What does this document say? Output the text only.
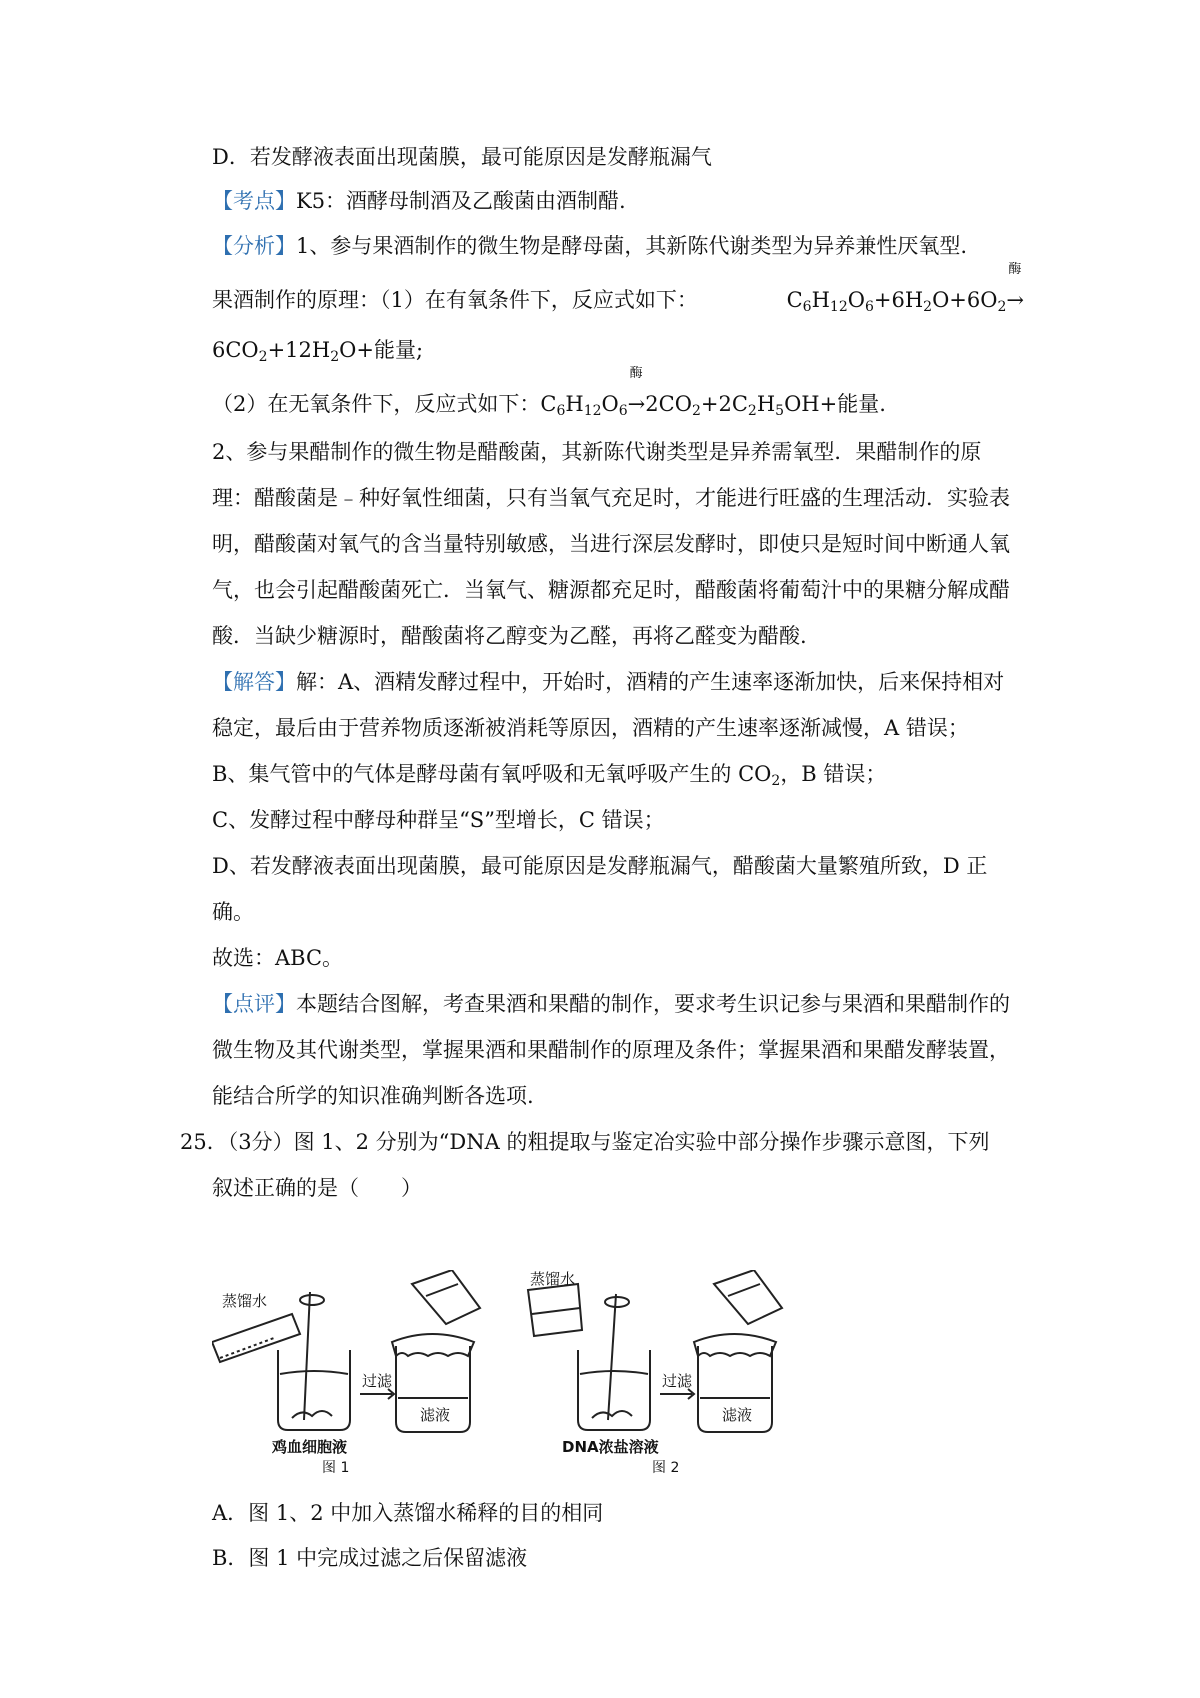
D．若发酵液表面出现菌膜，最可能原因是发酵瓶漏气
【考点】K5：酒酵母制酒及乙酸菌由酒制醋.
【分析】1、参与果酒制作的微生物是酵母菌，其新陈代谢类型为异养兼性厌氧型.
果酒制作的原理：（1）在有氧条件下，反应式如下：	$C_6H_{12}O_6+6H_2O+6O_2$
酶
→
$6CO_2+12H_2O+$能量;
（2）在无氧条件下，反应式如下：$C_6H_{12}O_6$
酶
$\to 2CO_2+2C_2H_5OH+$能量.
2、参与果醋制作的微生物是醋酸菌，其新陈代谢类型是异养需氧型．果醋制作的原
理：醋酸菌是﹣种好氧性细菌，只有当氧气充足时，才能进行旺盛的生理活动．实验表
明，醋酸菌对氧气的含当量特别敏感，当进行深层发酵时，即使只是短时间中断通人氧
气，也会引起醋酸菌死亡．当氧气、糖源都充足时，醋酸菌将葡萄汁中的果糖分解成醋
酸．当缺少糖源时，醋酸菌将乙醇变为乙醛，再将乙醛变为醋酸.
【解答】解：A、酒精发酵过程中，开始时，酒精的产生速率逐渐加快，后来保持相对
稳定，最后由于营养物质逐渐被消耗等原因，酒精的产生速率逐渐减慢，A 错误；
B、集气管中的气体是酵母菌有氧呼吸和无氧呼吸产生的 $CO_2$，B 错误；
C、发酵过程中酵母种群呈“S”型增长，C 错误；
D、若发酵液表面出现菌膜，最可能原因是发酵瓶漏气，醋酸菌大量繁殖所致，D 正
确。
故选：ABC。
【点评】本题结合图解，考查果酒和果醋的制作，要求考生识记参与果酒和果醋制作的
微生物及其代谢类型，掌握果酒和果醋制作的原理及条件；掌握果酒和果醋发酵装置，
能结合所学的知识准确判断各选项.
25．（3分）图 1、2 分别为“DNA 的粗提取与鉴定冶实验中部分操作步骤示意图，下列
叙述正确的是（　　）
蒸馏水
过滤
滤液
鸡血细胞液
图 1
蒸馏水
过滤
滤液
DNA浓盐溶液
图 2
A．图 1、2 中加入蒸馏水稀释的目的相同
B．图 1 中完成过滤之后保留滤液
